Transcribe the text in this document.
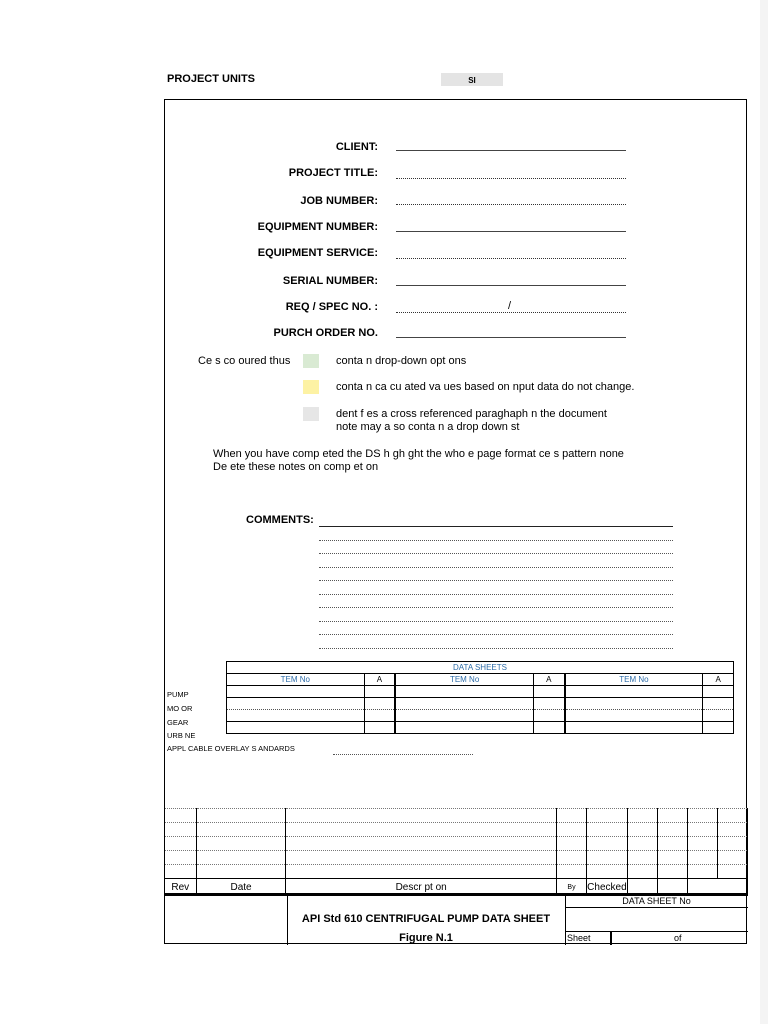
PROJECT UNITS	SI
CLIENT:
PROJECT TITLE:
JOB NUMBER:
EQUIPMENT NUMBER:
EQUIPMENT SERVICE:
SERIAL NUMBER:
REQ / SPEC NO. :	/
PURCH ORDER NO.
Ce s co oured thus	conta n drop-down opt ons
conta n ca cu ated va ues based on nput data do not change.
dent f es a cross referenced paraghaph n the document
note may a so conta n a drop down st
When you have comp eted the DS h gh ght the who e page format ce s pattern none
De ete these notes on comp et on
COMMENTS:
DATA SHEETS					
TEM No	A	TEM No	A	TEM No	A

PUMP
MO OR
GEAR
URB NE
APPL CABLE OVERLAY S ANDARDS

Rev	Date	Descr pt on	By	Checked				
API Std 610 CENTRIFUGAL PUMP DATA SHEET
Figure N.1
DATA SHEET No
Sheet	of
